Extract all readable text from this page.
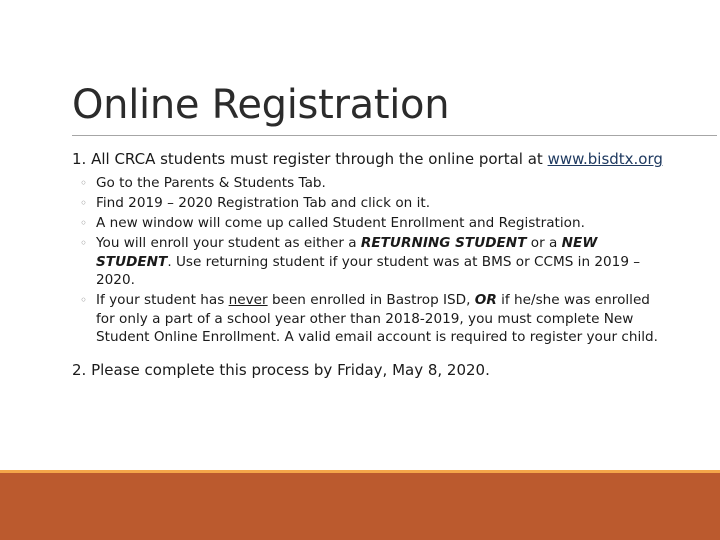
Online Registration

1. All CRCA students must register through the online portal at www.bisdtx.org

◦ Go to the Parents & Students Tab.
◦ Find 2019 – 2020 Registration Tab and click on it.
◦ A new window will come up called Student Enrollment and Registration.
◦ You will enroll your student as either a RETURNING STUDENT or a NEW STUDENT. Use returning student if your student was at BMS or CCMS in 2019 – 2020.
◦ If your student has never been enrolled in Bastrop ISD, OR if he/she was enrolled for only a part of a school year other than 2018-2019, you must complete New Student Online Enrollment. A valid email account is required to register your child.

2. Please complete this process by Friday, May 8, 2020.
